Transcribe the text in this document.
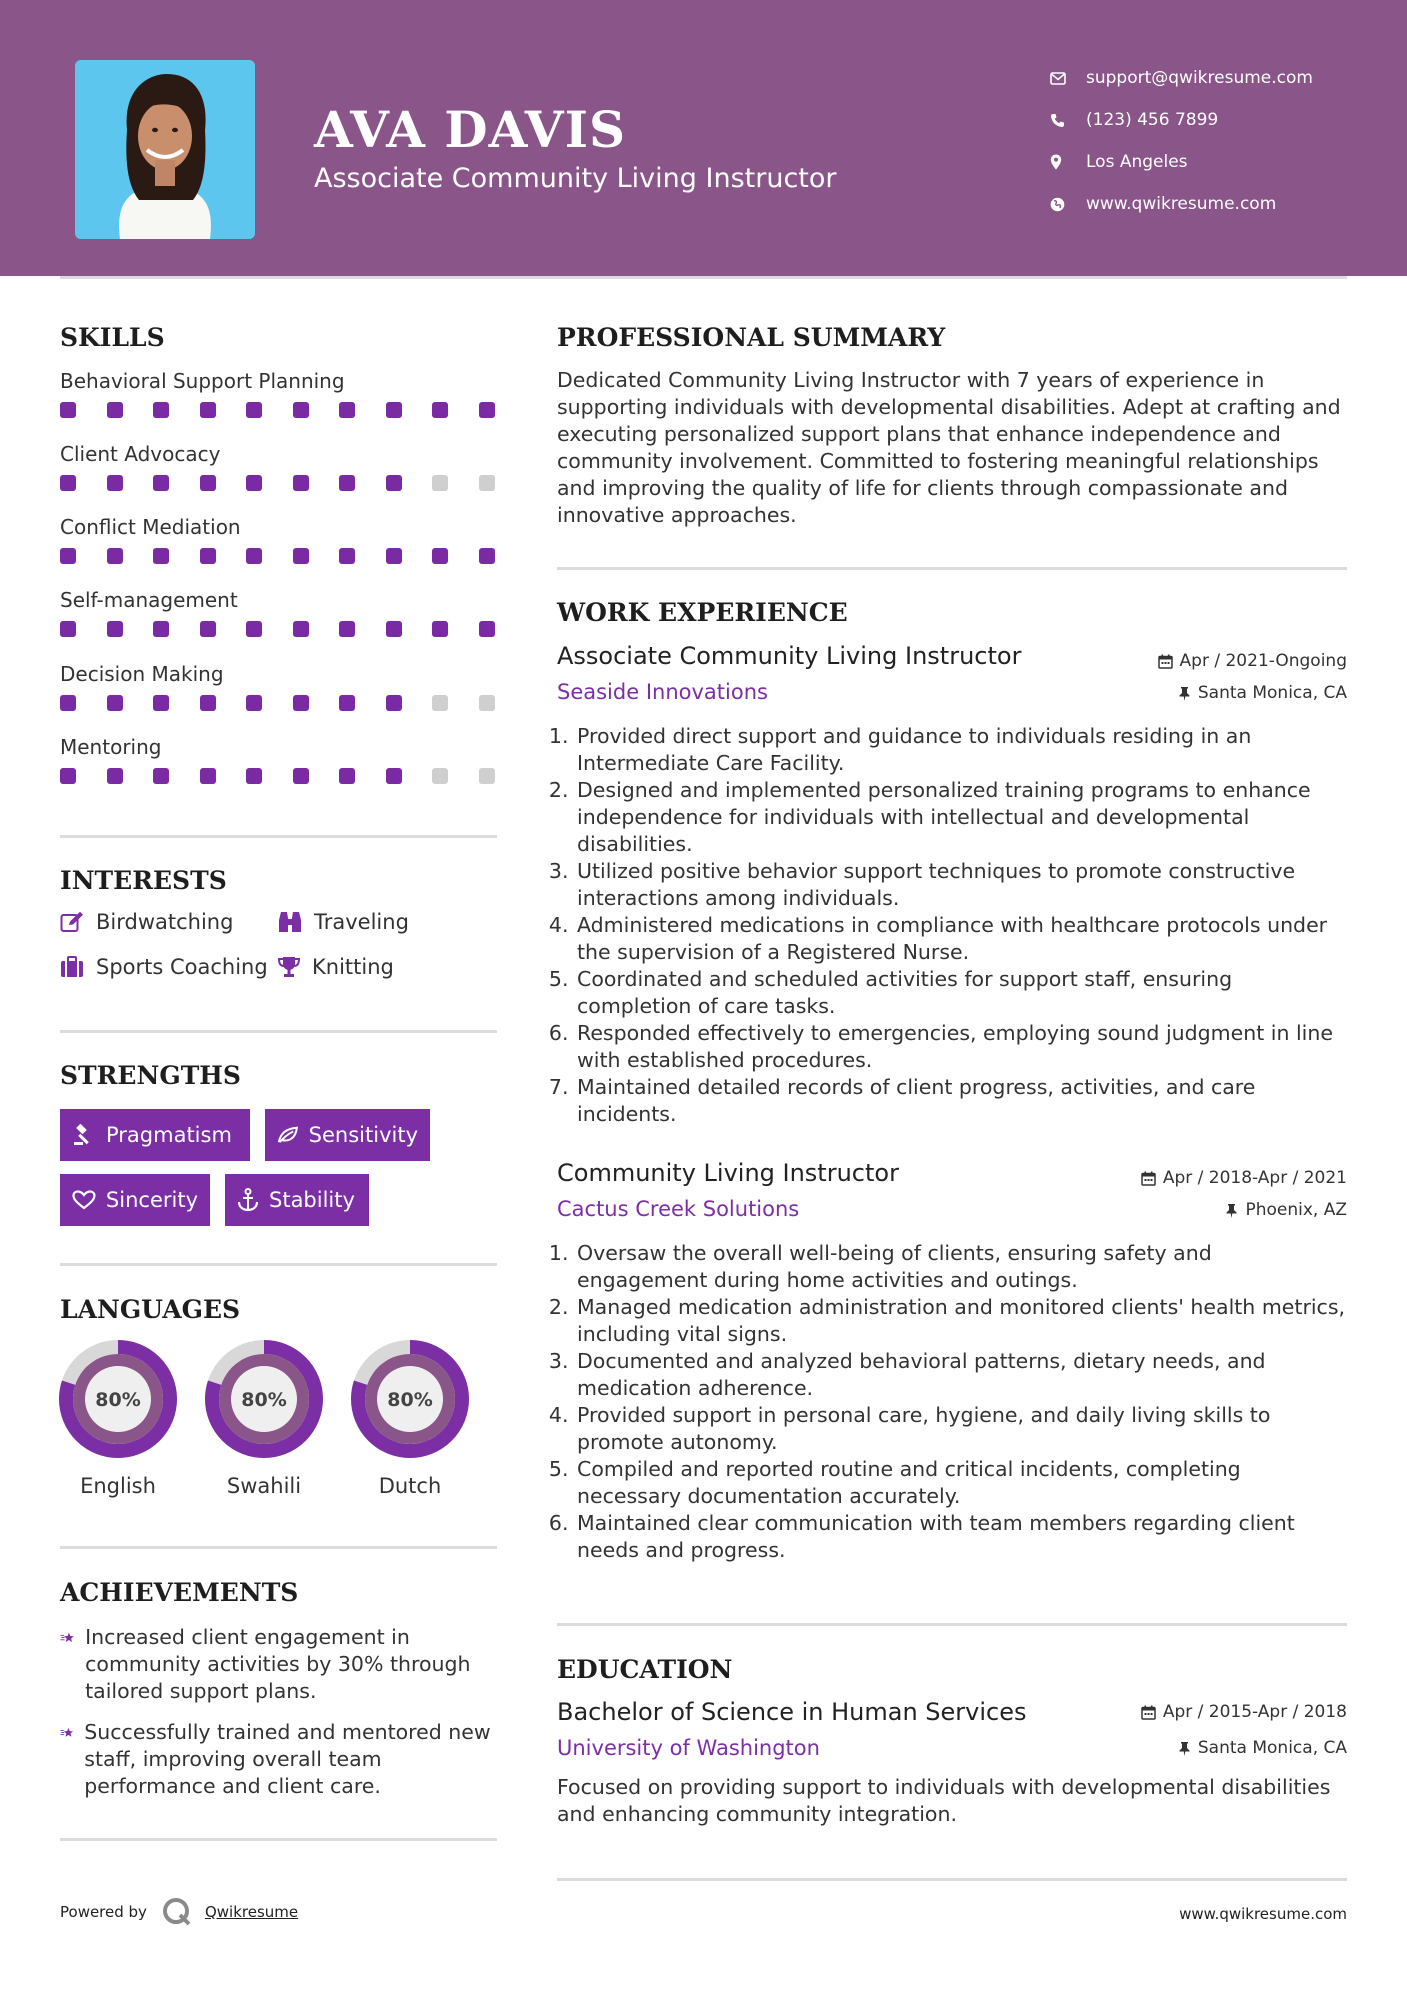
AVA DAVIS
Associate Community Living Instructor
support@qwikresume.com
(123) 456 7899
Los Angeles
www.qwikresume.com
SKILLS
Behavioral Support Planning
Client Advocacy
Conflict Mediation
Self-management
Decision Making
Mentoring
INTERESTS
Birdwatching	Traveling
Sports Coaching Knitting
STRENGTHS
Pragmatism	Sensitivity
Sincerity	Stability
LANGUAGES
80%
English
80%
Swahili
80%
Dutch
ACHIEVEMENTS
Increased client engagement in community activities by 30% through tailored support plans.
Successfully trained and mentored new staff, improving overall team performance and client care.
PROFESSIONAL SUMMARY
Dedicated Community Living Instructor with 7 years of experience in supporting individuals with developmental disabilities. Adept at crafting and executing personalized support plans that enhance independence and community involvement. Committed to fostering meaningful relationships and improving the quality of life for clients through compassionate and innovative approaches.
WORK EXPERIENCE
Associate Community Living Instructor	Apr / 2021-Ongoing
Seaside Innovations	Santa Monica, CA
1. Provided direct support and guidance to individuals residing in an Intermediate Care Facility.
2. Designed and implemented personalized training programs to enhance independence for individuals with intellectual and developmental disabilities.
3. Utilized positive behavior support techniques to promote constructive interactions among individuals.
4. Administered medications in compliance with healthcare protocols under the supervision of a Registered Nurse.
5. Coordinated and scheduled activities for support staff, ensuring completion of care tasks.
6. Responded effectively to emergencies, employing sound judgment in line with established procedures.
7. Maintained detailed records of client progress, activities, and care incidents.
Community Living Instructor	Apr / 2018-Apr / 2021
Cactus Creek Solutions	Phoenix, AZ
1. Oversaw the overall well-being of clients, ensuring safety and engagement during home activities and outings.
2. Managed medication administration and monitored clients' health metrics, including vital signs.
3. Documented and analyzed behavioral patterns, dietary needs, and medication adherence.
4. Provided support in personal care, hygiene, and daily living skills to promote autonomy.
5. Compiled and reported routine and critical incidents, completing necessary documentation accurately.
6. Maintained clear communication with team members regarding client needs and progress.
EDUCATION
Bachelor of Science in Human Services	Apr / 2015-Apr / 2018
University of Washington	Santa Monica, CA
Focused on providing support to individuals with developmental disabilities and enhancing community integration.
Powered by	Qwikresume	www.qwikresume.com
